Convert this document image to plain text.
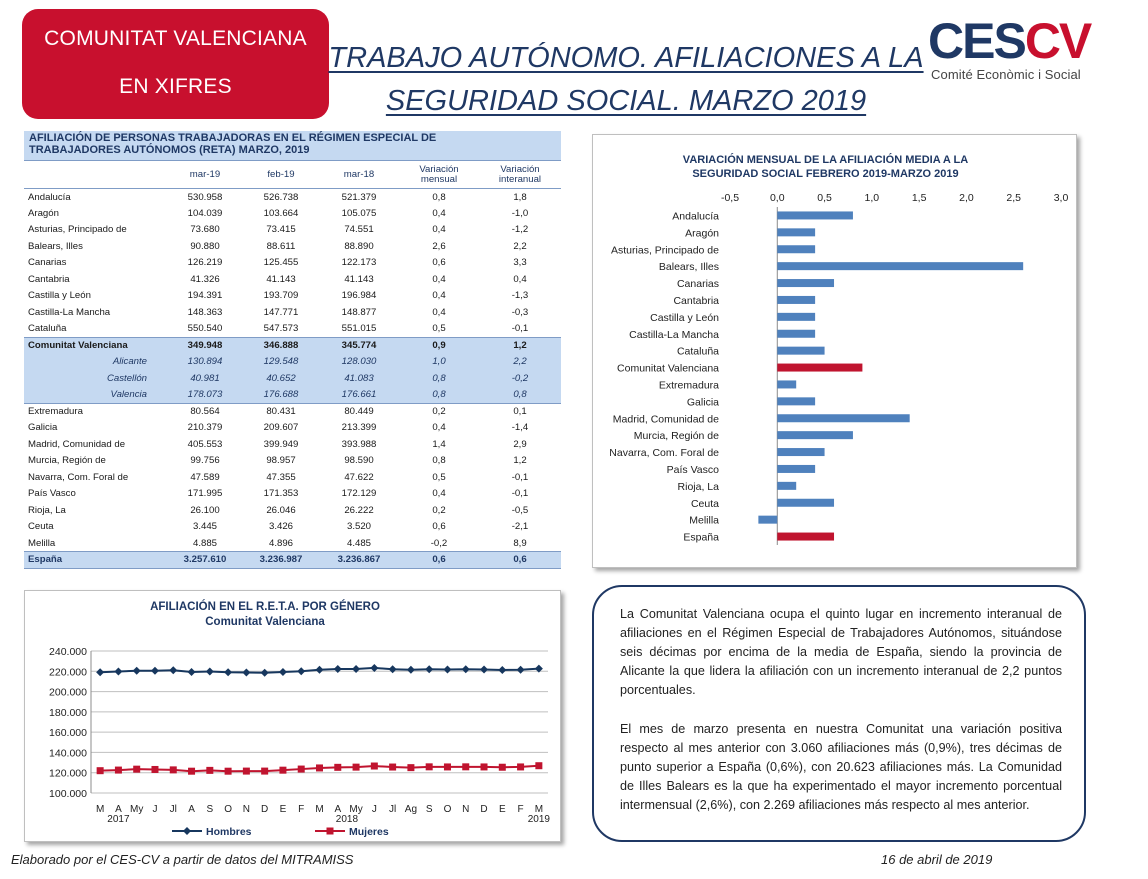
COMUNITAT VALENCIANA
EN XIFRES
TRABAJO AUTÓNOMO. AFILIACIONES A LA
SEGURIDAD SOCIAL. MARZO 2019
CESCV
Comité Econòmic i Social
AFILIACIÓN DE PERSONAS TRABAJADORAS EN EL RÉGIMEN ESPECIAL DE
TRABAJADORES AUTÓNOMOS (RETA) MARZO, 2019
	mar-19	feb-19	mar-18	Variación mensual	Variación interanual
Andalucía	530.958	526.738	521.379	0,8	1,8
Aragón	104.039	103.664	105.075	0,4	-1,0
Asturias, Principado de	73.680	73.415	74.551	0,4	-1,2
Balears, Illes	90.880	88.611	88.890	2,6	2,2
Canarias	126.219	125.455	122.173	0,6	3,3
Cantabria	41.326	41.143	41.143	0,4	0,4
Castilla y León	194.391	193.709	196.984	0,4	-1,3
Castilla-La Mancha	148.363	147.771	148.877	0,4	-0,3
Cataluña	550.540	547.573	551.015	0,5	-0,1
Comunitat Valenciana	349.948	346.888	345.774	0,9	1,2
Alicante	130.894	129.548	128.030	1,0	2,2
Castellón	40.981	40.652	41.083	0,8	-0,2
Valencia	178.073	176.688	176.661	0,8	0,8
Extremadura	80.564	80.431	80.449	0,2	0,1
Galicia	210.379	209.607	213.399	0,4	-1,4
Madrid, Comunidad de	405.553	399.949	393.988	1,4	2,9
Murcia, Región de	99.756	98.957	98.590	0,8	1,2
Navarra, Com. Foral de	47.589	47.355	47.622	0,5	-0,1
País Vasco	171.995	171.353	172.129	0,4	-0,1
Rioja, La	26.100	26.046	26.222	0,2	-0,5
Ceuta	3.445	3.426	3.520	0,6	-2,1
Melilla	4.885	4.896	4.485	-0,2	8,9
España	3.257.610	3.236.987	3.236.867	0,6	0,6
VARIACIÓN MENSUAL DE LA AFILIACIÓN MEDIA A LA
SEGURIDAD SOCIAL FEBRERO 2019-MARZO 2019
-0,5	0,0	0,5	1,0	1,5	2,0	2,5	3,0
Andalucía
Aragón
Asturias, Principado de
Balears, Illes
Canarias
Cantabria
Castilla y León
Castilla-La Mancha
Cataluña
Comunitat Valenciana
Extremadura
Galicia
Madrid, Comunidad de
Murcia, Región de
Navarra, Com. Foral de
País Vasco
Rioja, La
Ceuta
Melilla
España
AFILIACIÓN EN EL R.E.T.A. POR GÉNERO
Comunitat Valenciana
100.000
120.000
140.000
160.000
180.000
200.000
220.000
240.000
M A My J Jl A S O N D E F M A My J Jl Ag S O N D E F M
2017	2018	2019
Hombres	Mujeres

La Comunitat Valenciana ocupa el quinto lugar en incremento interanual de afiliaciones en el Régimen Especial de Trabajadores Autónomos, situándose seis décimas por encima de la media de España, siendo la provincia de Alicante la que lidera la afiliación con un incremento interanual de 2,2 puntos porcentuales.

El mes de marzo presenta en nuestra Comunitat una variación positiva respecto al mes anterior con 3.060 afiliaciones más (0,9%), tres décimas de punto superior a España (0,6%), con 20.623 afiliaciones más. La Comunidad de Illes Balears es la que ha experimentado el mayor incremento porcentual intermensual (2,6%), con 2.269 afiliaciones más respecto al mes anterior.

Elaborado por el CES-CV a partir de datos del MITRAMISS	16 de abril de 2019
